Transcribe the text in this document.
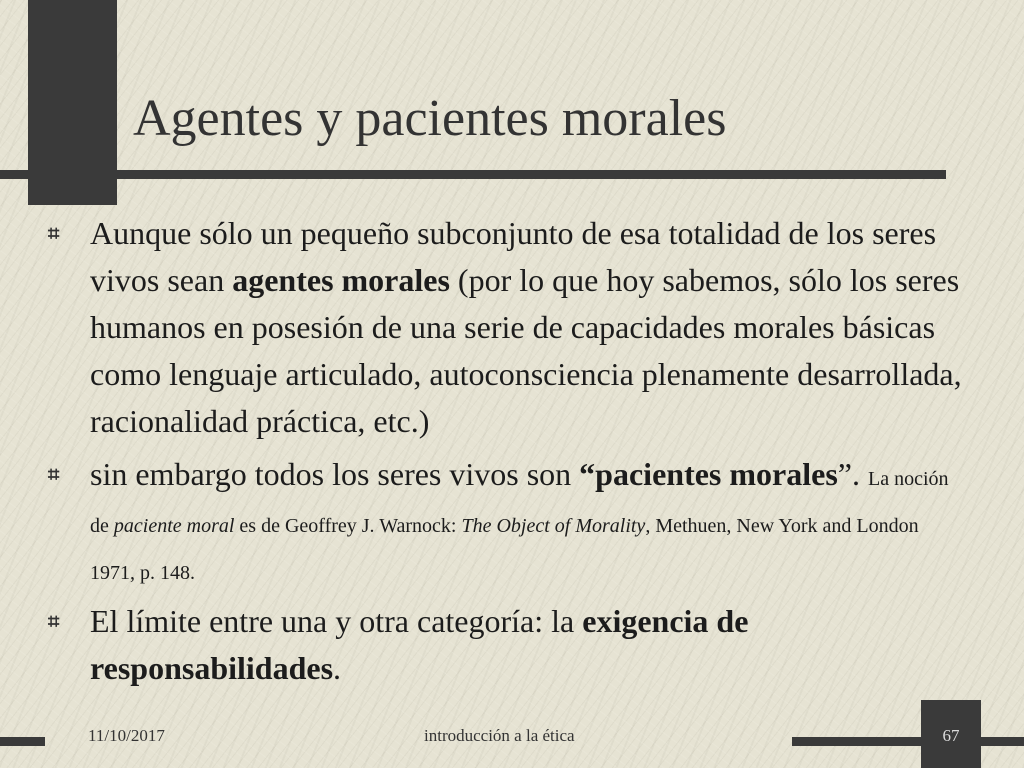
Agentes y pacientes morales
⌗ Aunque sólo un pequeño subconjunto de esa totalidad de los seres vivos sean agentes morales (por lo que hoy sabemos, sólo los seres humanos en posesión de una serie de capacidades morales básicas como lenguaje articulado, autoconsciencia plenamente desarrollada, racionalidad práctica, etc.)
⌗ sin embargo todos los seres vivos son “pacientes morales”. La noción de paciente moral es de Geoffrey J. Warnock: The Object of Morality, Methuen, New York and London 1971, p. 148.
⌗ El límite entre una y otra categoría: la exigencia de responsabilidades.
11/10/2017	introducción a la ética	67
